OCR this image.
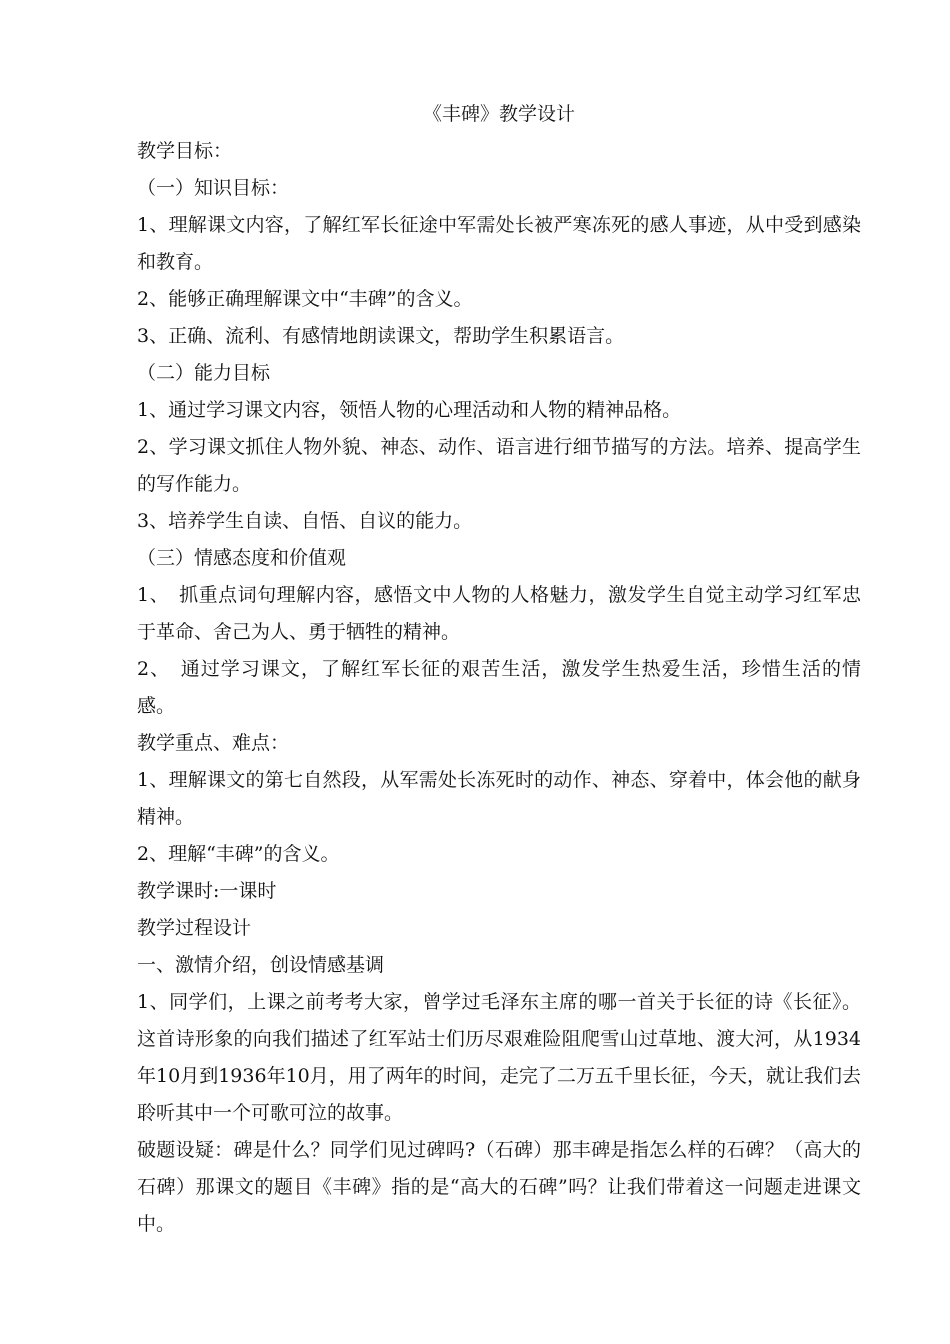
《丰碑》教学设计

教学目标：

（一）知识目标：

1、理解课文内容，了解红军长征途中军需处长被严寒冻死的感人事迹，从中受到感染和教育。

2、能够正确理解课文中“丰碑”的含义。

3、正确、流利、有感情地朗读课文，帮助学生积累语言。

（二）能力目标

1、通过学习课文内容，领悟人物的心理活动和人物的精神品格。

2、学习课文抓住人物外貌、神态、动作、语言进行细节描写的方法。培养、提高学生的写作能力。

3、培养学生自读、自悟、自议的能力。

（三）情感态度和价值观

1、　抓重点词句理解内容，感悟文中人物的人格魅力，激发学生自觉主动学习红军忠于革命、舍己为人、勇于牺牲的精神。

2、　通过学习课文，了解红军长征的艰苦生活，激发学生热爱生活，珍惜生活的情感。

教学重点、难点：

1、理解课文的第七自然段，从军需处长冻死时的动作、神态、穿着中，体会他的献身精神。

2、理解“丰碑”的含义。

教学课时:一课时

教学过程设计

一、激情介绍，创设情感基调

1、同学们，上课之前考考大家，曾学过毛泽东主席的哪一首关于长征的诗《长征》。这首诗形象的向我们描述了红军站士们历尽艰难险阻爬雪山过草地、渡大河，从1934年10月到1936年10月，用了两年的时间，走完了二万五千里长征，今天，就让我们去聆听其中一个可歌可泣的故事。

破题设疑：碑是什么？同学们见过碑吗?（石碑）那丰碑是指怎么样的石碑？（高大的石碑）那课文的题目《丰碑》指的是“高大的石碑”吗？让我们带着这一问题走进课文中。
